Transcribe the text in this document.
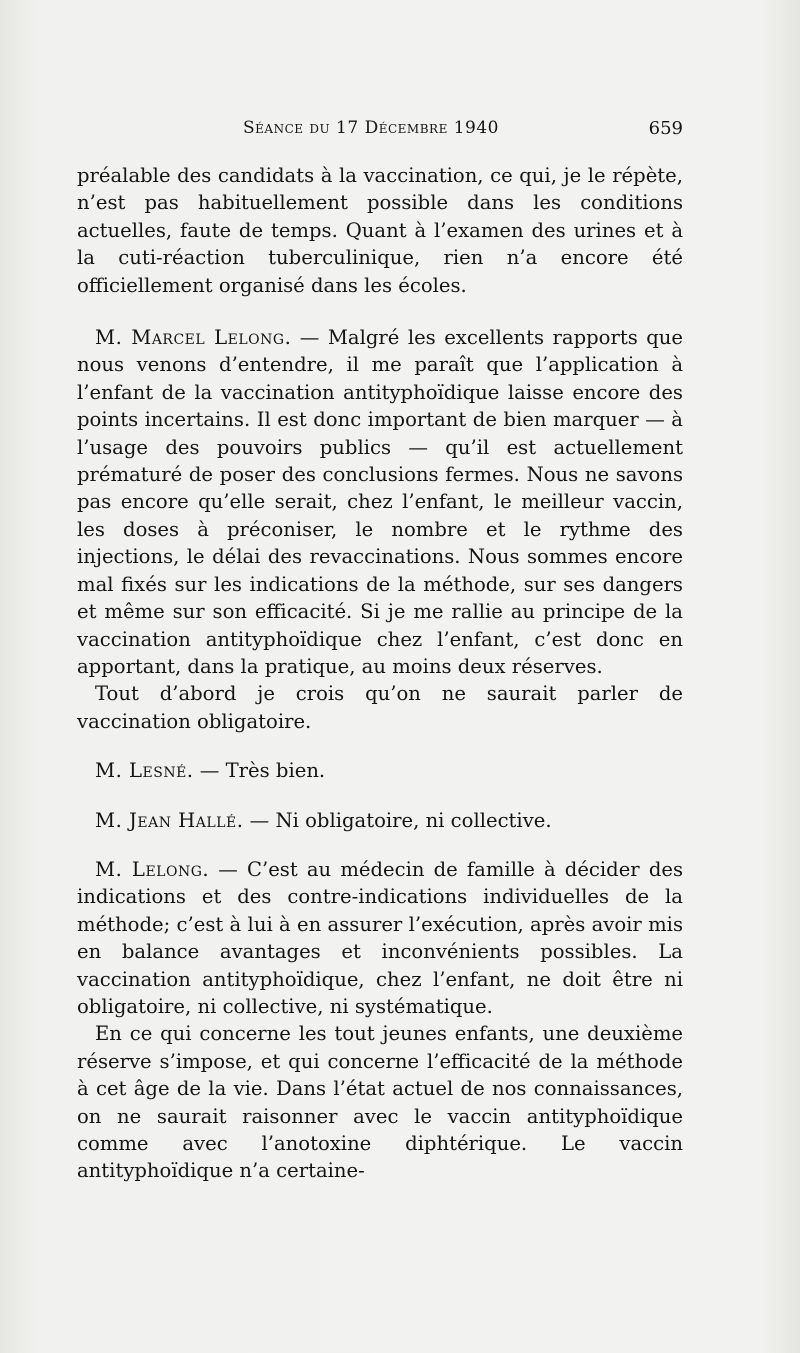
Séance du 17 Décembre 1940	659

préalable des candidats à la vaccination, ce qui, je le répète, n’est pas habituellement possible dans les conditions actuelles, faute de temps. Quant à l’examen des urines et à la cuti-réaction tuberculinique, rien n’a encore été officiellement organisé dans les écoles.

M. Marcel Lelong. — Malgré les excellents rapports que nous venons d’entendre, il me paraît que l’application à l’enfant de la vaccination antityphoïdique laisse encore des points incertains. Il est donc important de bien marquer — à l’usage des pouvoirs publics — qu’il est actuellement prématuré de poser des conclusions fermes. Nous ne savons pas encore qu’elle serait, chez l’enfant, le meilleur vaccin, les doses à préconiser, le nombre et le rythme des injections, le délai des revaccinations. Nous sommes encore mal fixés sur les indications de la méthode, sur ses dangers et même sur son efficacité. Si je me rallie au principe de la vaccination antityphoïdique chez l’enfant, c’est donc en apportant, dans la pratique, au moins deux réserves.

Tout d’abord je crois qu’on ne saurait parler de vaccination obligatoire.

M. Lesné. — Très bien.

M. Jean Hallé. — Ni obligatoire, ni collective.

M. Lelong. — C’est au médecin de famille à décider des indications et des contre-indications individuelles de la méthode; c’est à lui à en assurer l’exécution, après avoir mis en balance avantages et inconvénients possibles. La vaccination antityphoïdique, chez l’enfant, ne doit être ni obligatoire, ni collective, ni systématique.

En ce qui concerne les tout jeunes enfants, une deuxième réserve s’impose, et qui concerne l’efficacité de la méthode à cet âge de la vie. Dans l’état actuel de nos connaissances, on ne saurait raisonner avec le vaccin antityphoïdique comme avec l’anotoxine diphtérique. Le vaccin antityphoïdique n’a certaine-
